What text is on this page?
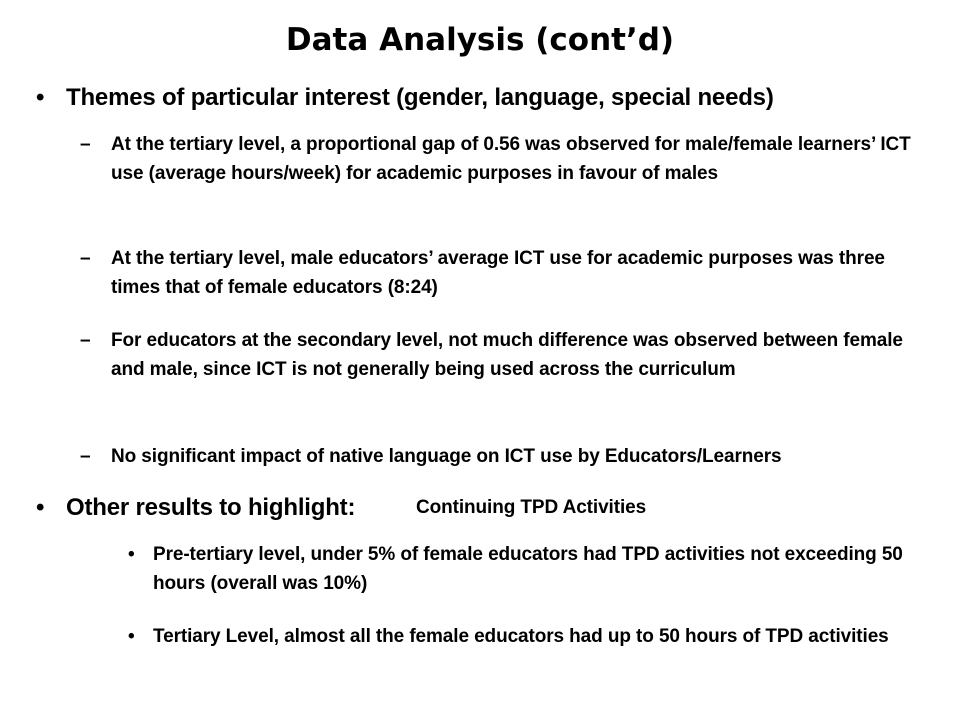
Data Analysis (cont’d)
• Themes of particular interest (gender, language, special needs)
– At the tertiary level, a proportional gap of 0.56 was observed for male/female learners’ ICT use (average hours/week) for academic purposes in favour of males
– At the tertiary level, male educators’ average ICT use for academic purposes was three times that of female educators (8:24)
– For educators at the secondary level, not much difference was observed between female and male, since ICT is not generally being used across the curriculum
– No significant impact of native language on ICT use by Educators/Learners
• Other results to highlight:	Continuing TPD Activities
• Pre-tertiary level, under 5% of female educators had TPD activities not exceeding 50 hours (overall was 10%)
• Tertiary Level, almost all the female educators had up to 50 hours of TPD activities
